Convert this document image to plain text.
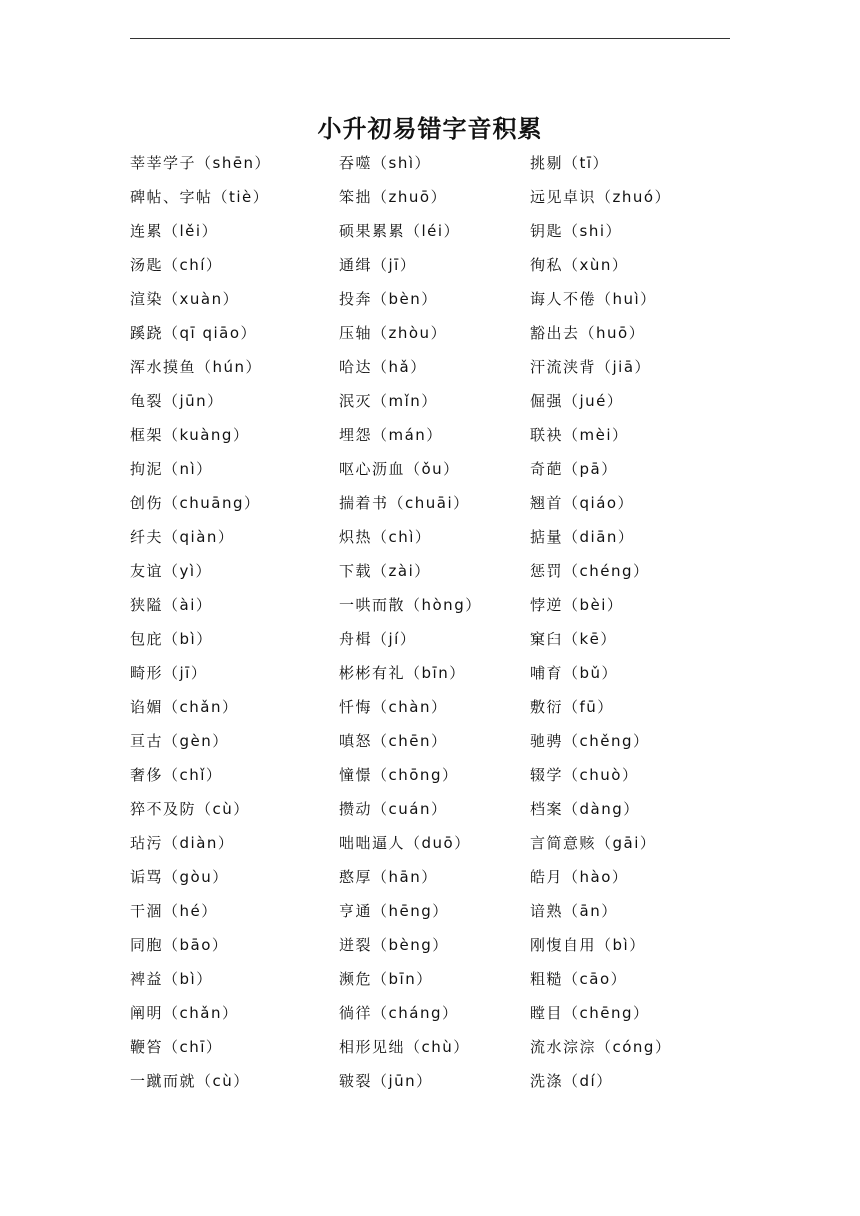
小升初易错字音积累
莘莘学子（shēn）	吞噬（shì）	挑剔（tī）
碑帖、字帖（tiè）	笨拙（zhuō）	远见卓识（zhuó）
连累（lěi）	硕果累累（léi）	钥匙（shi）
汤匙（chí）	通缉（jī）	徇私（xùn）
渲染（xuàn）	投奔（bèn）	诲人不倦（huì）
蹊跷（qī qiāo）	压轴（zhòu）	豁出去（huō）
浑水摸鱼（hún）	哈达（hǎ）	汗流浃背（jiā）
龟裂（jūn）	泯灭（mǐn）	倔强（jué）
框架（kuàng）	埋怨（mán）	联袂（mèi）
拘泥（nì）	呕心沥血（ǒu）	奇葩（pā）
创伤（chuāng）	揣着书（chuāi）	翘首（qiáo）
纤夫（qiàn）	炽热（chì）	掂量（diān）
友谊（yì）	下载（zài）	惩罚（chéng）
狭隘（ài）	一哄而散（hòng）	悖逆（bèi）
包庇（bì）	舟楫（jí）	窠臼（kē）
畸形（jī）	彬彬有礼（bīn）	哺育（bǔ）
谄媚（chǎn）	忏悔（chàn）	敷衍（fū）
亘古（gèn）	嗔怒（chēn）	驰骋（chěng）
奢侈（chǐ）	憧憬（chōng）	辍学（chuò）
猝不及防（cù）	攒动（cuán）	档案（dàng）
玷污（diàn）	咄咄逼人（duō）	言简意赅（gāi）
诟骂（gòu）	憨厚（hān）	皓月（hào）
干涸（hé）	亨通（hēng）	谙熟（ān）
同胞（bāo）	迸裂（bèng）	刚愎自用（bì）
裨益（bì）	濒危（bīn）	粗糙（cāo）
阐明（chǎn）	徜徉（cháng）	瞠目（chēng）
鞭笞（chī）	相形见绌（chù）	流水淙淙（cóng）
一蹴而就（cù）	皲裂（jūn）	洗涤（dí）
